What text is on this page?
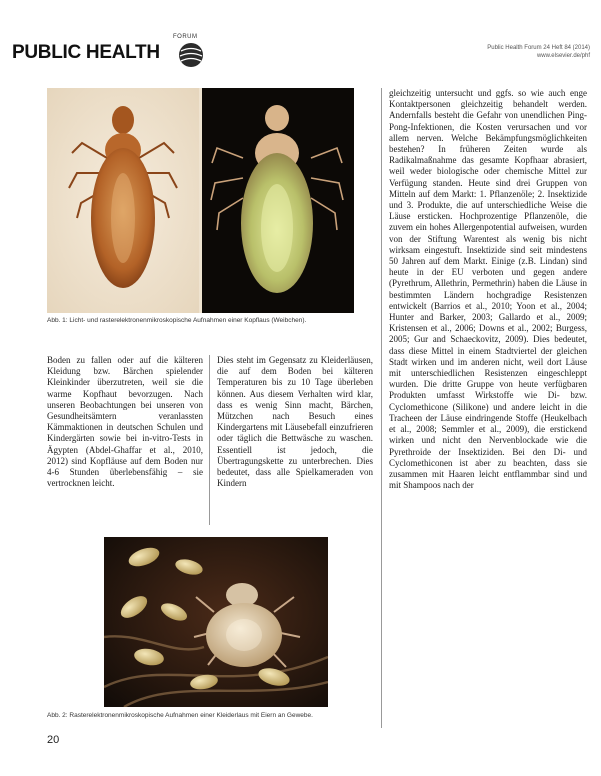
FORUM
PUBLIC HEALTH	Public Health Forum 24 Heft 84 (2014)
www.elsevier.de/phf
Abb. 1: Licht- und rasterelektronenmikroskopische Aufnahmen einer Kopflaus (Weibchen).

Boden zu fallen oder auf die kälteren Kleidung bzw. Bärchen spielender Kleinkinder überzutreten, weil sie die warme Kopfhaut bevorzugen. Nach unseren Beobachtungen bei unseren von Gesundheitsämtern veranlassten Kämmaktionen in deutschen Schulen und Kindergärten sowie bei in-vitro-Tests in Ägypten (Abdel-Ghaffar et al., 2010, 2012) sind Kopfläuse auf dem Boden nur 4-6 Stunden überlebensfähig – sie vertrocknen leicht.

Dies steht im Gegensatz zu Kleiderläusen, die auf dem Boden bei kälteren Temperaturen bis zu 10 Tage überleben können. Aus diesem Verhalten wird klar, dass es wenig Sinn macht, Bärchen, Mützchen nach Besuch eines Kindergartens mit Läusebefall einzufrieren oder täglich die Bettwäsche zu waschen. Essentiell ist jedoch, die Übertragungskette zu unterbrechen. Dies bedeutet, dass alle Spielkameraden von Kindern

gleichzeitig untersucht und ggfs. so wie auch enge Kontaktpersonen gleichzeitig behandelt werden. Andernfalls besteht die Gefahr von unendlichen Ping-Pong-Infektionen, die Kosten verursachen und vor allem nerven. Welche Bekämpfungsmöglichkeiten bestehen? In früheren Zeiten wurde als Radikalmaßnahme das gesamte Kopfhaar abrasiert, weil weder biologische oder chemische Mittel zur Verfügung standen. Heute sind drei Gruppen von Mitteln auf dem Markt: 1. Pflanzenöle; 2. Insektizide und 3. Produkte, die auf unterschiedliche Weise die Läuse ersticken. Hochprozentige Pflanzenöle, die zuvem ein hohes Allergenpotential aufweisen, wurden von der Stiftung Warentest als wenig bis nicht wirksam eingestuft. Insektizide sind seit mindestens 50 Jahren auf dem Markt. Einige (z.B. Lindan) sind heute in der EU verboten und gegen andere (Pyrethrum, Allethrin, Permethrin) haben die Läuse in bestimmten Ländern hochgradige Resistenzen entwickelt (Barrios et al., 2010; Yoon et al., 2004; Hunter and Barker, 2003; Gallardo et al., 2009; Kristensen et al., 2006; Downs et al., 2002; Burgess, 2005; Gur and Schaeckovitz, 2009). Dies bedeutet, dass diese Mittel in einem Stadtviertel der gleichen Stadt wirken und im anderen nicht, weil dort Läuse mit unterschiedlichen Resistenzen eingeschleppt wurden. Die dritte Gruppe von heute verfügbaren Produkten umfasst Wirkstoffe wie Di- bzw. Cyclomethicone (Silikone) und andere leicht in die Tracheen der Läuse eindringende Stoffe (Heukelbach et al., 2008; Semmler et al., 2009), die erstickend wirken und nicht den Nervenblockade wie die Pyrethroide der Insektiziden. Bei den Di- und Cyclomethiconen ist aber zu beachten, dass sie zusammen mit Haaren leicht entflammbar sind und mit Shampoos nach der

Abb. 2: Rasterelektronenmikroskopische Aufnahmen einer Kleiderlaus mit Eiern an Gewebe.
20
